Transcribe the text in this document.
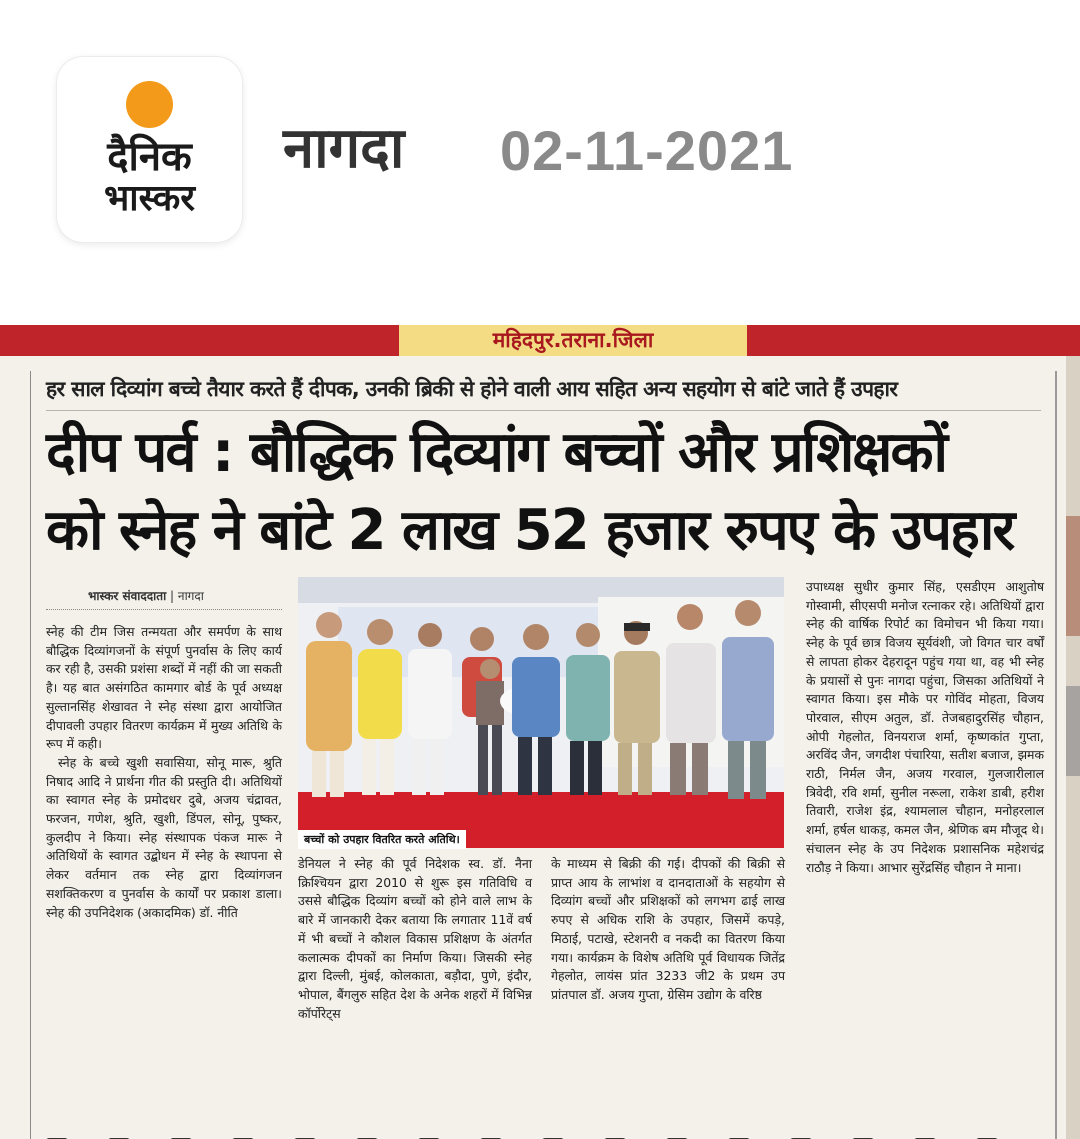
दैनिक
भास्कर
नागदा 02-11-2021
महिदपुर.तराना.जिला
हर साल दिव्यांग बच्चे तैयार करते हैं दीपक, उनकी ब्रिकी से होने वाली आय सहित अन्य सहयोग से बांटे जाते हैं उपहार
दीप पर्व : बौद्धिक दिव्यांग बच्चों और प्रशिक्षकों
को स्नेह ने बांटे 2 लाख 52 हजार रुपए के उपहार
भास्कर संवाददाता | नागदा

स्नेह की टीम जिस तन्मयता और समर्पण के साथ बौद्धिक दिव्यांगजनों के संपूर्ण पुनर्वास के लिए कार्य कर रही है, उसकी प्रशंसा शब्दों में नहीं की जा सकती है। यह बात असंगठित कामगार बोर्ड के पूर्व अध्यक्ष सुल्तानसिंह शेखावत ने स्नेह संस्था द्वारा आयोजित दीपावली उपहार वितरण कार्यक्रम में मुख्य अतिथि के रूप में कही।

स्नेह के बच्चे खुशी सवासिया, सोनू मारू, श्रुति निषाद आदि ने प्रार्थना गीत की प्रस्तुति दी। अतिथियों का स्वागत स्नेह के प्रमोदधर दुबे, अजय चंद्रावत, फरजन, गणेश, श्रुति, खुशी, डिंपल, सोनू, पुष्कर, कुलदीप ने किया। स्नेह संस्थापक पंकज मारू ने अतिथियों के स्वागत उद्बोधन में स्नेह के स्थापना से लेकर वर्तमान तक स्नेह द्वारा दिव्यांगजन सशक्तिकरण व पुनर्वास के कार्यों पर प्रकाश डाला। स्नेह की उपनिदेशक (अकादमिक) डॉ. नीति

बच्चों को उपहार वितरित करते अतिथि।

डेनियल ने स्नेह की पूर्व निदेशक स्व. डॉ. नैना क्रिश्चियन द्वारा 2010 से शुरू इस गतिविधि व उससे बौद्धिक दिव्यांग बच्चों को होने वाले लाभ के बारे में जानकारी देकर बताया कि लगातार 11वें वर्ष में भी बच्चों ने कौशल विकास प्रशिक्षण के अंतर्गत कलात्मक दीपकों का निर्माण किया। जिसकी स्नेह द्वारा दिल्ली, मुंबई, कोलकाता, बड़ौदा, पुणे, इंदौर, भोपाल, बैंगलुरु सहित देश के अनेक शहरों में विभिन्न कॉर्पोरेट्स

के माध्यम से बिक्री की गई। दीपकों की बिक्री से प्राप्त आय के लाभांश व दानदाताओं के सहयोग से दिव्यांग बच्चों और प्रशिक्षकों को लगभग ढाई लाख रुपए से अधिक राशि के उपहार, जिसमें कपड़े, मिठाई, पटाखे, स्टेशनरी व नकदी का वितरण किया गया। कार्यक्रम के विशेष अतिथि पूर्व विधायक जितेंद्र गेहलोत, लायंस प्रांत 3233 जी2 के प्रथम उप प्रांतपाल डॉ. अजय गुप्ता, ग्रेसिम उद्योग के वरिष्ठ

उपाध्यक्ष सुधीर कुमार सिंह, एसडीएम आशुतोष गोस्वामी, सीएसपी मनोज रत्नाकर रहे। अतिथियों द्वारा स्नेह की वार्षिक रिपोर्ट का विमोचन भी किया गया। स्नेह के पूर्व छात्र विजय सूर्यवंशी, जो विगत चार वर्षों से लापता होकर देहरादून पहुंच गया था, वह भी स्नेह के प्रयासों से पुनः नागदा पहुंचा, जिसका अतिथियों ने स्वागत किया। इस मौके पर गोविंद मोहता, विजय पोरवाल, सीएम अतुल, डॉ. तेजबहादुरसिंह चौहान, ओपी गेहलोत, विनयराज शर्मा, कृष्णकांत गुप्ता, अरविंद जैन, जगदीश पंचारिया, सतीश बजाज, झमक राठी, निर्मल जैन, अजय गरवाल, गुलजारीलाल त्रिवेदी, रवि शर्मा, सुनील नरूला, राकेश डाबी, हरीश तिवारी, राजेश इंद्र, श्यामलाल चौहान, मनोहरलाल शर्मा, हर्षल धाकड़, कमल जैन, श्रेणिक बम मौजूद थे। संचालन स्नेह के उप निदेशक प्रशासनिक महेशचंद्र राठौड़ ने किया। आभार सुरेंद्रसिंह चौहान ने माना।
